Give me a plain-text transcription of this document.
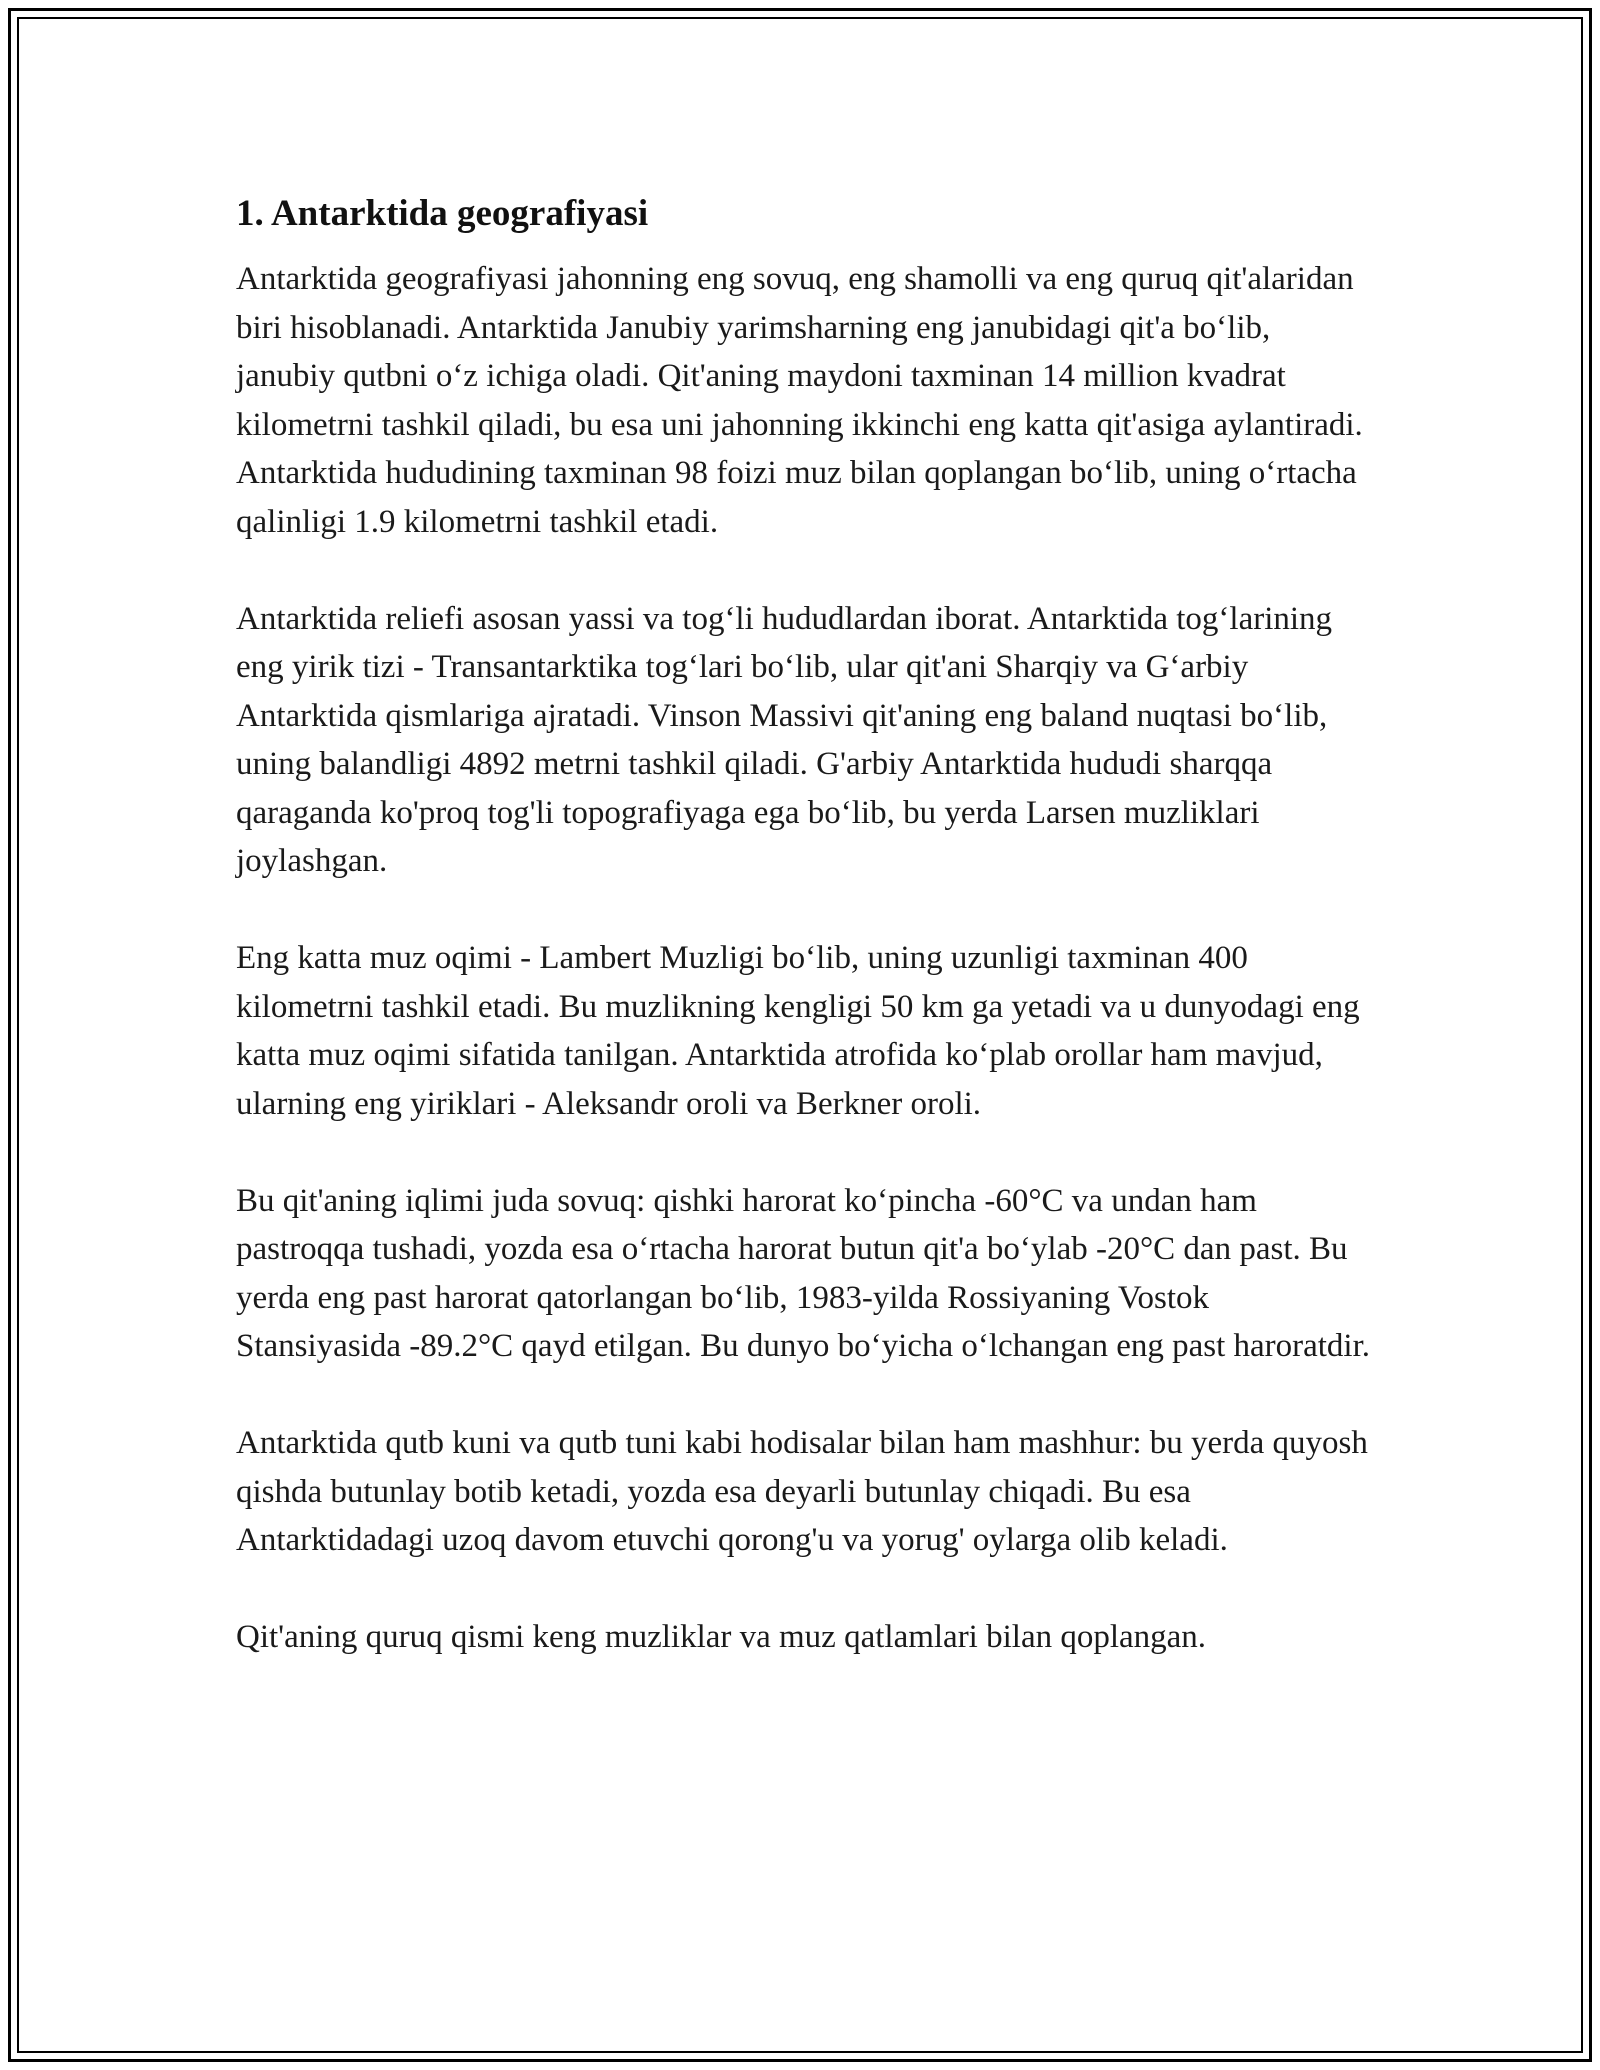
1. Antarktida geografiyasi

Antarktida geografiyasi jahonning eng sovuq, eng shamolli va eng quruq qit'alaridan biri hisoblanadi. Antarktida Janubiy yarimsharning eng janubidagi qit'a bo‘lib, janubiy qutbni o‘z ichiga oladi. Qit'aning maydoni taxminan 14 million kvadrat kilometrni tashkil qiladi, bu esa uni jahonning ikkinchi eng katta qit'asiga aylantiradi. Antarktida hududining taxminan 98 foizi muz bilan qoplangan bo‘lib, uning o‘rtacha qalinligi 1.9 kilometrni tashkil etadi.

Antarktida reliefi asosan yassi va tog‘li hududlardan iborat. Antarktida tog‘larining eng yirik tizi - Transantarktika tog‘lari bo‘lib, ular qit'ani Sharqiy va G‘arbiy Antarktida qismlariga ajratadi. Vinson Massivi qit'aning eng baland nuqtasi bo‘lib, uning balandligi 4892 metrni tashkil qiladi. G'arbiy Antarktida hududi sharqqa qaraganda ko'proq tog'li topografiyaga ega bo‘lib, bu yerda Larsen muzliklari joylashgan.

Eng katta muz oqimi - Lambert Muzligi bo‘lib, uning uzunligi taxminan 400 kilometrni tashkil etadi. Bu muzlikning kengligi 50 km ga yetadi va u dunyodagi eng katta muz oqimi sifatida tanilgan. Antarktida atrofida ko‘plab orollar ham mavjud, ularning eng yiriklari - Aleksandr oroli va Berkner oroli.

Bu qit'aning iqlimi juda sovuq: qishki harorat ko‘pincha -60°C va undan ham pastroqqa tushadi, yozda esa o‘rtacha harorat butun qit'a bo‘ylab -20°C dan past. Bu yerda eng past harorat qatorlangan bo‘lib, 1983-yilda Rossiyaning Vostok Stansiyasida -89.2°C qayd etilgan. Bu dunyo bo‘yicha o‘lchangan eng past haroratdir.

Antarktida qutb kuni va qutb tuni kabi hodisalar bilan ham mashhur: bu yerda quyosh qishda butunlay botib ketadi, yozda esa deyarli butunlay chiqadi. Bu esa Antarktidadagi uzoq davom etuvchi qorong'u va yorug' oylarga olib keladi.

Qit'aning quruq qismi keng muzliklar va muz qatlamlari bilan qoplangan.
